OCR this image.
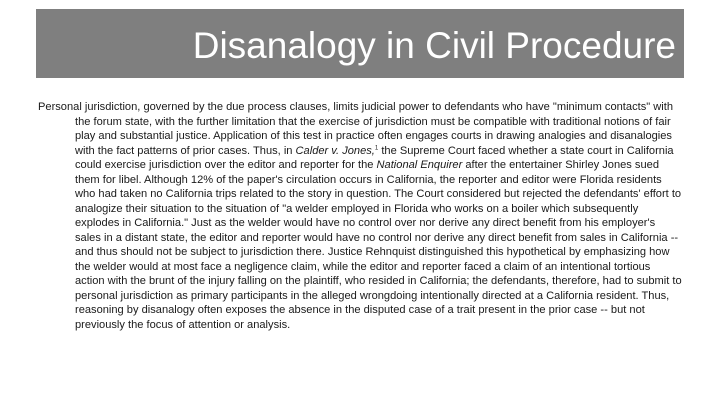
Disanalogy in Civil Procedure

Personal jurisdiction, governed by the due process clauses, limits judicial power to defendants who have "minimum contacts" with the forum state, with the further limitation that the exercise of jurisdiction must be compatible with traditional notions of fair play and substantial justice. Application of this test in practice often engages courts in drawing analogies and disanalogies with the fact patterns of prior cases. Thus, in Calder v. Jones,$^1$ the Supreme Court faced whether a state court in California could exercise jurisdiction over the editor and reporter for the National Enquirer after the entertainer Shirley Jones sued them for libel. Although 12% of the paper's circulation occurs in California, the reporter and editor were Florida residents who had taken no California trips related to the story in question. The Court considered but rejected the defendants' effort to analogize their situation to the situation of "a welder employed in Florida who works on a boiler which subsequently explodes in California." Just as the welder would have no control over nor derive any direct benefit from his employer's sales in a distant state, the editor and reporter would have no control nor derive any direct benefit from sales in California -- and thus should not be subject to jurisdiction there. Justice Rehnquist distinguished this hypothetical by emphasizing how the welder would at most face a negligence claim, while the editor and reporter faced a claim of an intentional tortious action with the brunt of the injury falling on the plaintiff, who resided in California; the defendants, therefore, had to submit to personal jurisdiction as primary participants in the alleged wrongdoing intentionally directed at a California resident. Thus, reasoning by disanalogy often exposes the absence in the disputed case of a trait present in the prior case -- but not previously the focus of attention or analysis.
